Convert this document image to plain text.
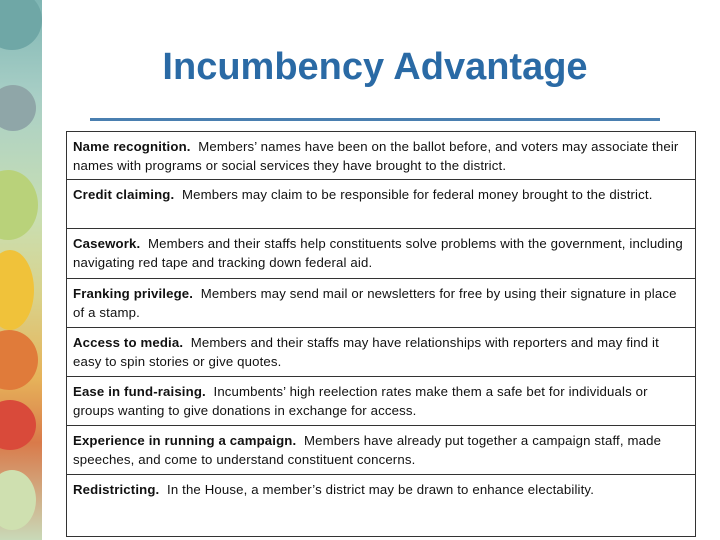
Incumbency Advantage
Name recognition. Members’ names have been on the ballot before, and voters may associate their names with programs or social services they have brought to the district.
Credit claiming. Members may claim to be responsible for federal money brought to the district.
Casework. Members and their staffs help constituents solve problems with the government, including navigating red tape and tracking down federal aid.
Franking privilege. Members may send mail or newsletters for free by using their signature in place of a stamp.
Access to media. Members and their staffs may have relationships with reporters and may find it easy to spin stories or give quotes.
Ease in fund-raising. Incumbents’ high reelection rates make them a safe bet for individuals or groups wanting to give donations in exchange for access.
Experience in running a campaign. Members have already put together a campaign staff, made speeches, and come to understand constituent concerns.
Redistricting. In the House, a member’s district may be drawn to enhance electability.
